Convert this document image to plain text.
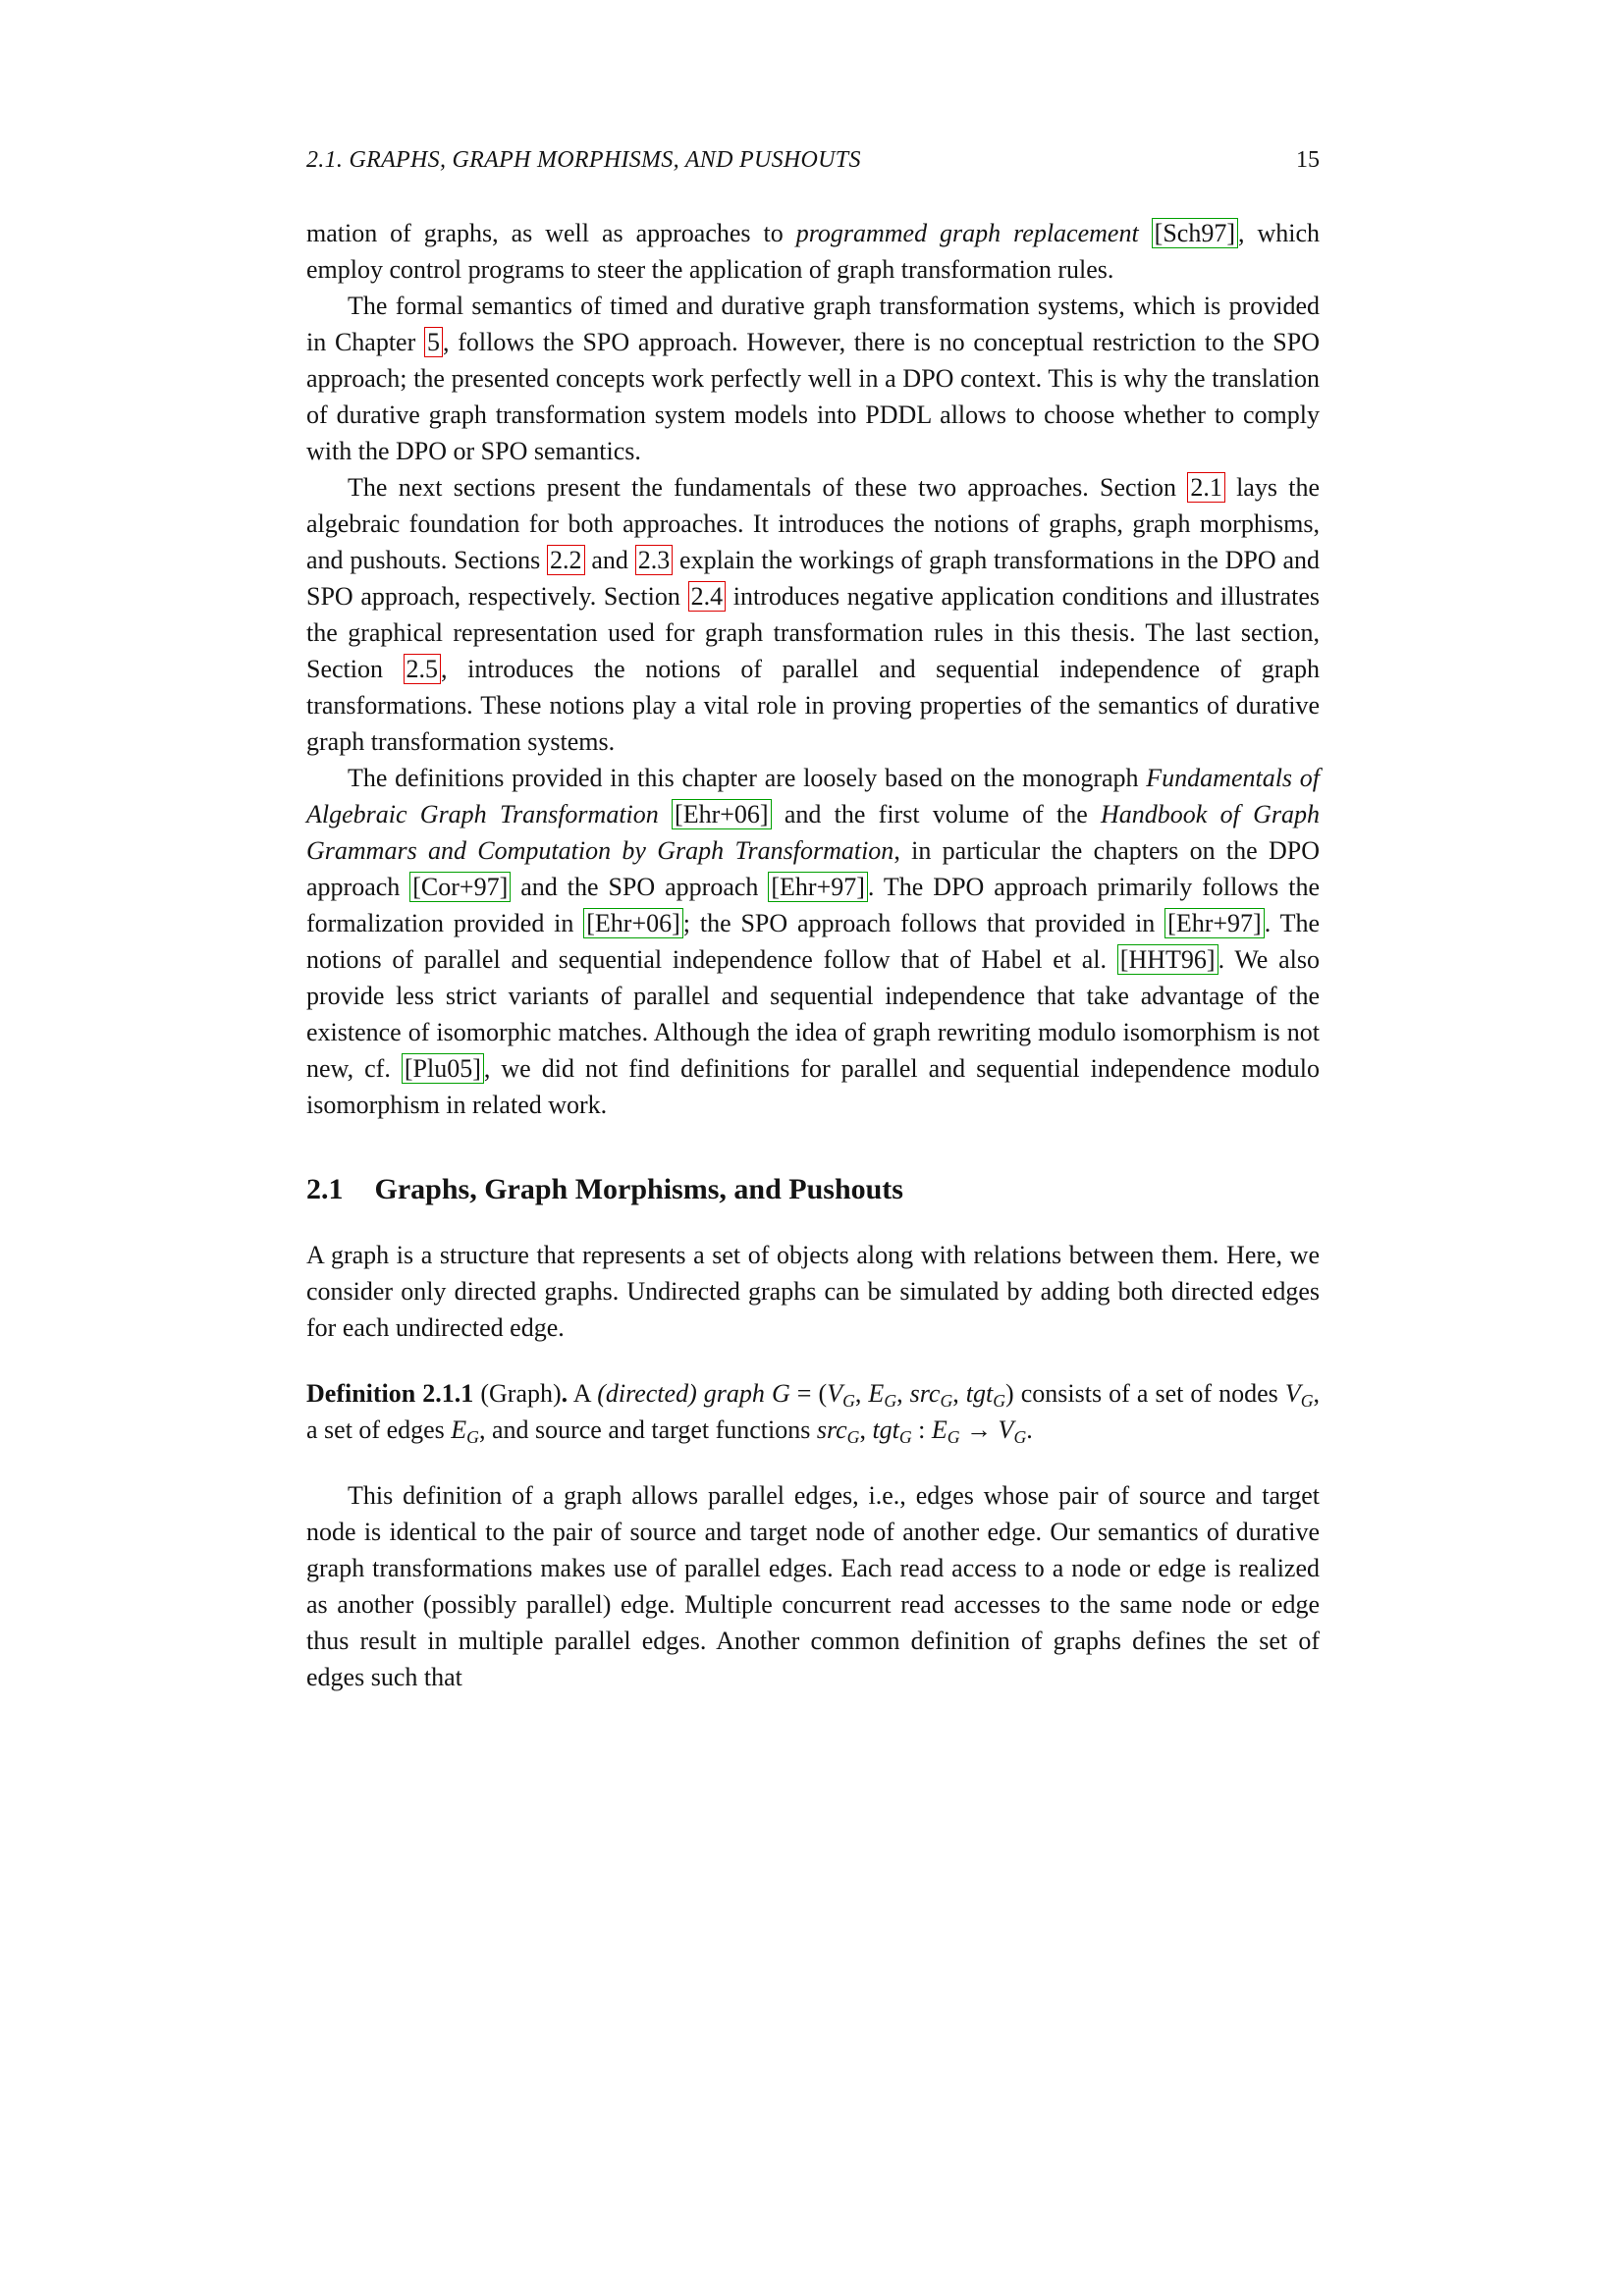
2.1. GRAPHS, GRAPH MORPHISMS, AND PUSHOUTS	15

mation of graphs, as well as approaches to programmed graph replacement [Sch97] , which employ control programs to steer the application of graph transformation rules.

The formal semantics of timed and durative graph transformation systems, which is provided in Chapter 5 , follows the SPO approach. However, there is no conceptual restriction to the SPO approach; the presented concepts work perfectly well in a DPO context. This is why the translation of durative graph transformation system models into PDDL allows to choose whether to comply with the DPO or SPO semantics.

The next sections present the fundamentals of these two approaches. Section 2.1 lays the algebraic foundation for both approaches. It introduces the notions of graphs, graph morphisms, and pushouts. Sections 2.2 and 2.3 explain the workings of graph transformations in the DPO and SPO approach, respectively. Section 2.4 introduces negative application conditions and illustrates the graphical representation used for graph transformation rules in this thesis. The last section, Section 2.5 , introduces the notions of parallel and sequential independence of graph transformations. These notions play a vital role in proving properties of the semantics of durative graph transformation systems.

The definitions provided in this chapter are loosely based on the monograph Fundamentals of Algebraic Graph Transformation [Ehr+06] and the first volume of the Handbook of Graph Grammars and Computation by Graph Transformation, in particular the chapters on the DPO approach [Cor+97] and the SPO approach [Ehr+97] . The DPO approach primarily follows the formalization provided in [Ehr+06] ; the SPO approach follows that provided in [Ehr+97] . The notions of parallel and sequential independence follow that of Habel et al. [HHT96] . We also provide less strict variants of parallel and sequential independence that take advantage of the existence of isomorphic matches. Although the idea of graph rewriting modulo isomorphism is not new, cf. [Plu05] , we did not find definitions for parallel and sequential independence modulo isomorphism in related work.

2.1 Graphs, Graph Morphisms, and Pushouts

A graph is a structure that represents a set of objects along with relations between them. Here, we consider only directed graphs. Undirected graphs can be simulated by adding both directed edges for each undirected edge.

Definition 2.1.1 (Graph). A (directed) graph $G = (V_G$, $E_G$, src$_G$, tgt$_G$) consists of a set of nodes $V_G$, a set of edges $E_G$, and source and target functions src$_G$, tgt$_G$ : $E_G \to V_G$.

This definition of a graph allows parallel edges, i.e., edges whose pair of source and target node is identical to the pair of source and target node of another edge. Our semantics of durative graph transformations makes use of parallel edges. Each read access to a node or edge is realized as another (possibly parallel) edge. Multiple concurrent read accesses to the same node or edge thus result in multiple parallel edges. Another common definition of graphs defines the set of edges such that
